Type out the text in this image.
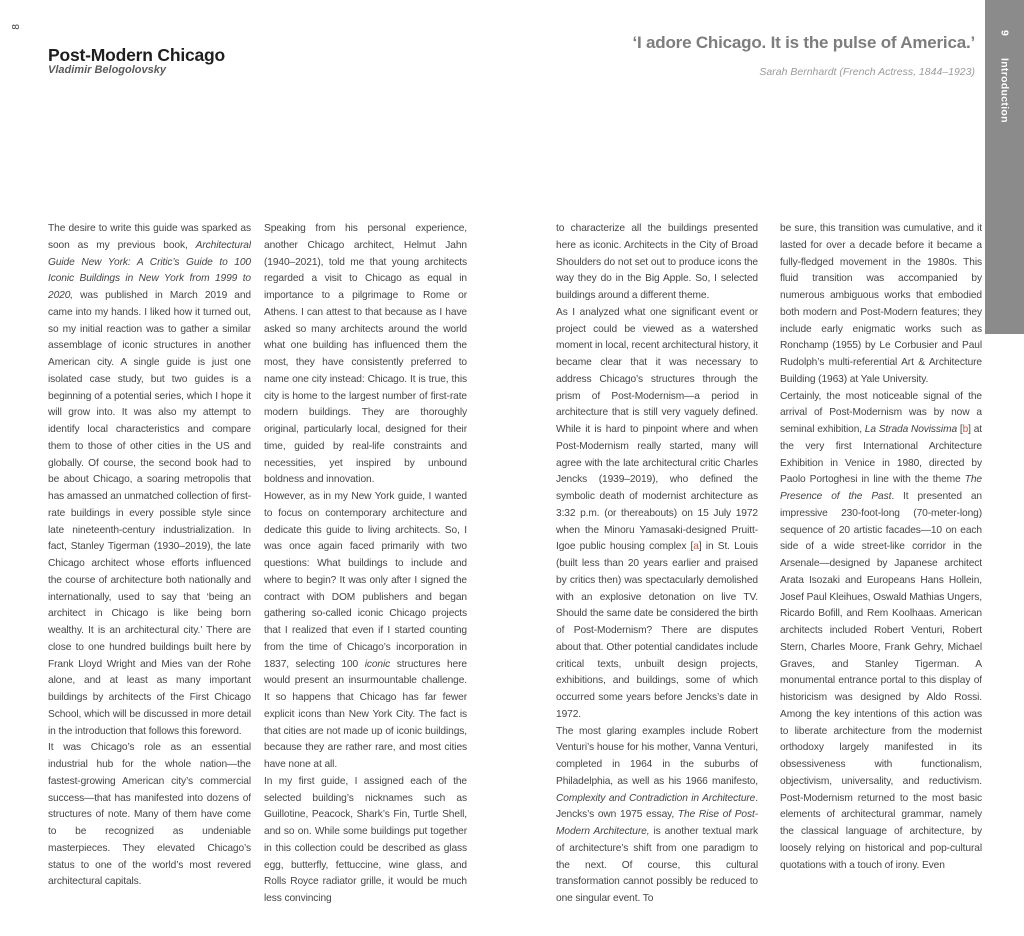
8
Post-Modern Chicago
Vladimir Belogolovsky
‘I adore Chicago. It is the pulse of America.’
Sarah Bernhardt (French Actress, 1844–1923)
9
Introduction

The desire to write this guide was sparked as soon as my previous book, Architectural Guide New York: A Critic’s Guide to 100 Iconic Buildings in New York from 1999 to 2020, was published in March 2019 and came into my hands. I liked how it turned out, so my initial reaction was to gather a similar assemblage of iconic structures in another American city. A single guide is just one isolated case study, but two guides is a beginning of a potential series, which I hope it will grow into. It was also my attempt to identify local characteristics and compare them to those of other cities in the US and globally. Of course, the second book had to be about Chicago, a soaring metropolis that has amassed an unmatched collection of first-rate buildings in every possible style since late nineteenth-century industrialization. In fact, Stanley Tigerman (1930–2019), the late Chicago architect whose efforts influenced the course of architecture both nationally and internationally, used to say that ‘being an architect in Chicago is like being born wealthy. It is an architectural city.’ There are close to one hundred buildings built here by Frank Lloyd Wright and Mies van der Rohe alone, and at least as many important buildings by architects of the First Chicago School, which will be discussed in more detail in the introduction that follows this foreword.

It was Chicago’s role as an essential industrial hub for the whole nation—the fastest-growing American city’s commercial success—that has manifested into dozens of structures of note. Many of them have come to be recognized as undeniable masterpieces. They elevated Chicago’s status to one of the world’s most revered architectural capitals.

Speaking from his personal experience, another Chicago architect, Helmut Jahn (1940–2021), told me that young architects regarded a visit to Chicago as equal in importance to a pilgrimage to Rome or Athens. I can attest to that because as I have asked so many architects around the world what one building has influenced them the most, they have consistently preferred to name one city instead: Chicago. It is true, this city is home to the largest number of first-rate modern buildings. They are thoroughly original, particularly local, designed for their time, guided by real-life constraints and necessities, yet inspired by unbound boldness and innovation.

However, as in my New York guide, I wanted to focus on contemporary architecture and dedicate this guide to living architects. So, I was once again faced primarily with two questions: What buildings to include and where to begin? It was only after I signed the contract with DOM publishers and began gathering so-called iconic Chicago projects that I realized that even if I started counting from the time of Chicago’s incorporation in 1837, selecting 100 iconic structures here would present an insurmountable challenge. It so happens that Chicago has far fewer explicit icons than New York City. The fact is that cities are not made up of iconic buildings, because they are rather rare, and most cities have none at all.

In my first guide, I assigned each of the selected building’s nicknames such as Guillotine, Peacock, Shark’s Fin, Turtle Shell, and so on. While some buildings put together in this collection could be described as glass egg, butterfly, fettuccine, wine glass, and Rolls Royce radiator grille, it would be much less convincing

to characterize all the buildings presented here as iconic. Architects in the City of Broad Shoulders do not set out to produce icons the way they do in the Big Apple. So, I selected buildings around a different theme.

As I analyzed what one significant event or project could be viewed as a watershed moment in local, recent architectural history, it became clear that it was necessary to address Chicago’s structures through the prism of Post-Modernism—a period in architecture that is still very vaguely defined. While it is hard to pinpoint where and when Post-Modernism really started, many will agree with the late architectural critic Charles Jencks (1939–2019), who defined the symbolic death of modernist architecture as 3:32 p.m. (or thereabouts) on 15 July 1972 when the Minoru Yamasaki-designed Pruitt-Igoe public housing complex [a] in St. Louis (built less than 20 years earlier and praised by critics then) was spectacularly demolished with an explosive detonation on live TV. Should the same date be considered the birth of Post-Modernism? There are disputes about that. Other potential candidates include critical texts, unbuilt design projects, exhibitions, and buildings, some of which occurred some years before Jencks’s date in 1972.

The most glaring examples include Robert Venturi’s house for his mother, Vanna Venturi, completed in 1964 in the suburbs of Philadelphia, as well as his 1966 manifesto, Complexity and Contradiction in Architecture. Jencks’s own 1975 essay, The Rise of Post-Modern Architecture, is another textual mark of architecture’s shift from one paradigm to the next. Of course, this cultural transformation cannot possibly be reduced to one singular event. To

be sure, this transition was cumulative, and it lasted for over a decade before it became a fully-fledged movement in the 1980s. This fluid transition was accompanied by numerous ambiguous works that embodied both modern and Post-Modern features; they include early enigmatic works such as Ronchamp (1955) by Le Corbusier and Paul Rudolph’s multi-referential Art & Architecture Building (1963) at Yale University.

Certainly, the most noticeable signal of the arrival of Post-Modernism was by now a seminal exhibition, La Strada Novissima [b] at the very first International Architecture Exhibition in Venice in 1980, directed by Paolo Portoghesi in line with the theme The Presence of the Past. It presented an impressive 230-foot-long (70-meter-long) sequence of 20 artistic facades—10 on each side of a wide street-like corridor in the Arsenale—designed by Japanese architect Arata Isozaki and Europeans Hans Hollein, Josef Paul Kleihues, Oswald Mathias Ungers, Ricardo Bofill, and Rem Koolhaas. American architects included Robert Venturi, Robert Stern, Charles Moore, Frank Gehry, Michael Graves, and Stanley Tigerman. A monumental entrance portal to this display of historicism was designed by Aldo Rossi. Among the key intentions of this action was to liberate architecture from the modernist orthodoxy largely manifested in its obsessiveness with functionalism, objectivism, universality, and reductivism. Post-Modernism returned to the most basic elements of architectural grammar, namely the classical language of architecture, by loosely relying on historical and pop-cultural quotations with a touch of irony. Even
